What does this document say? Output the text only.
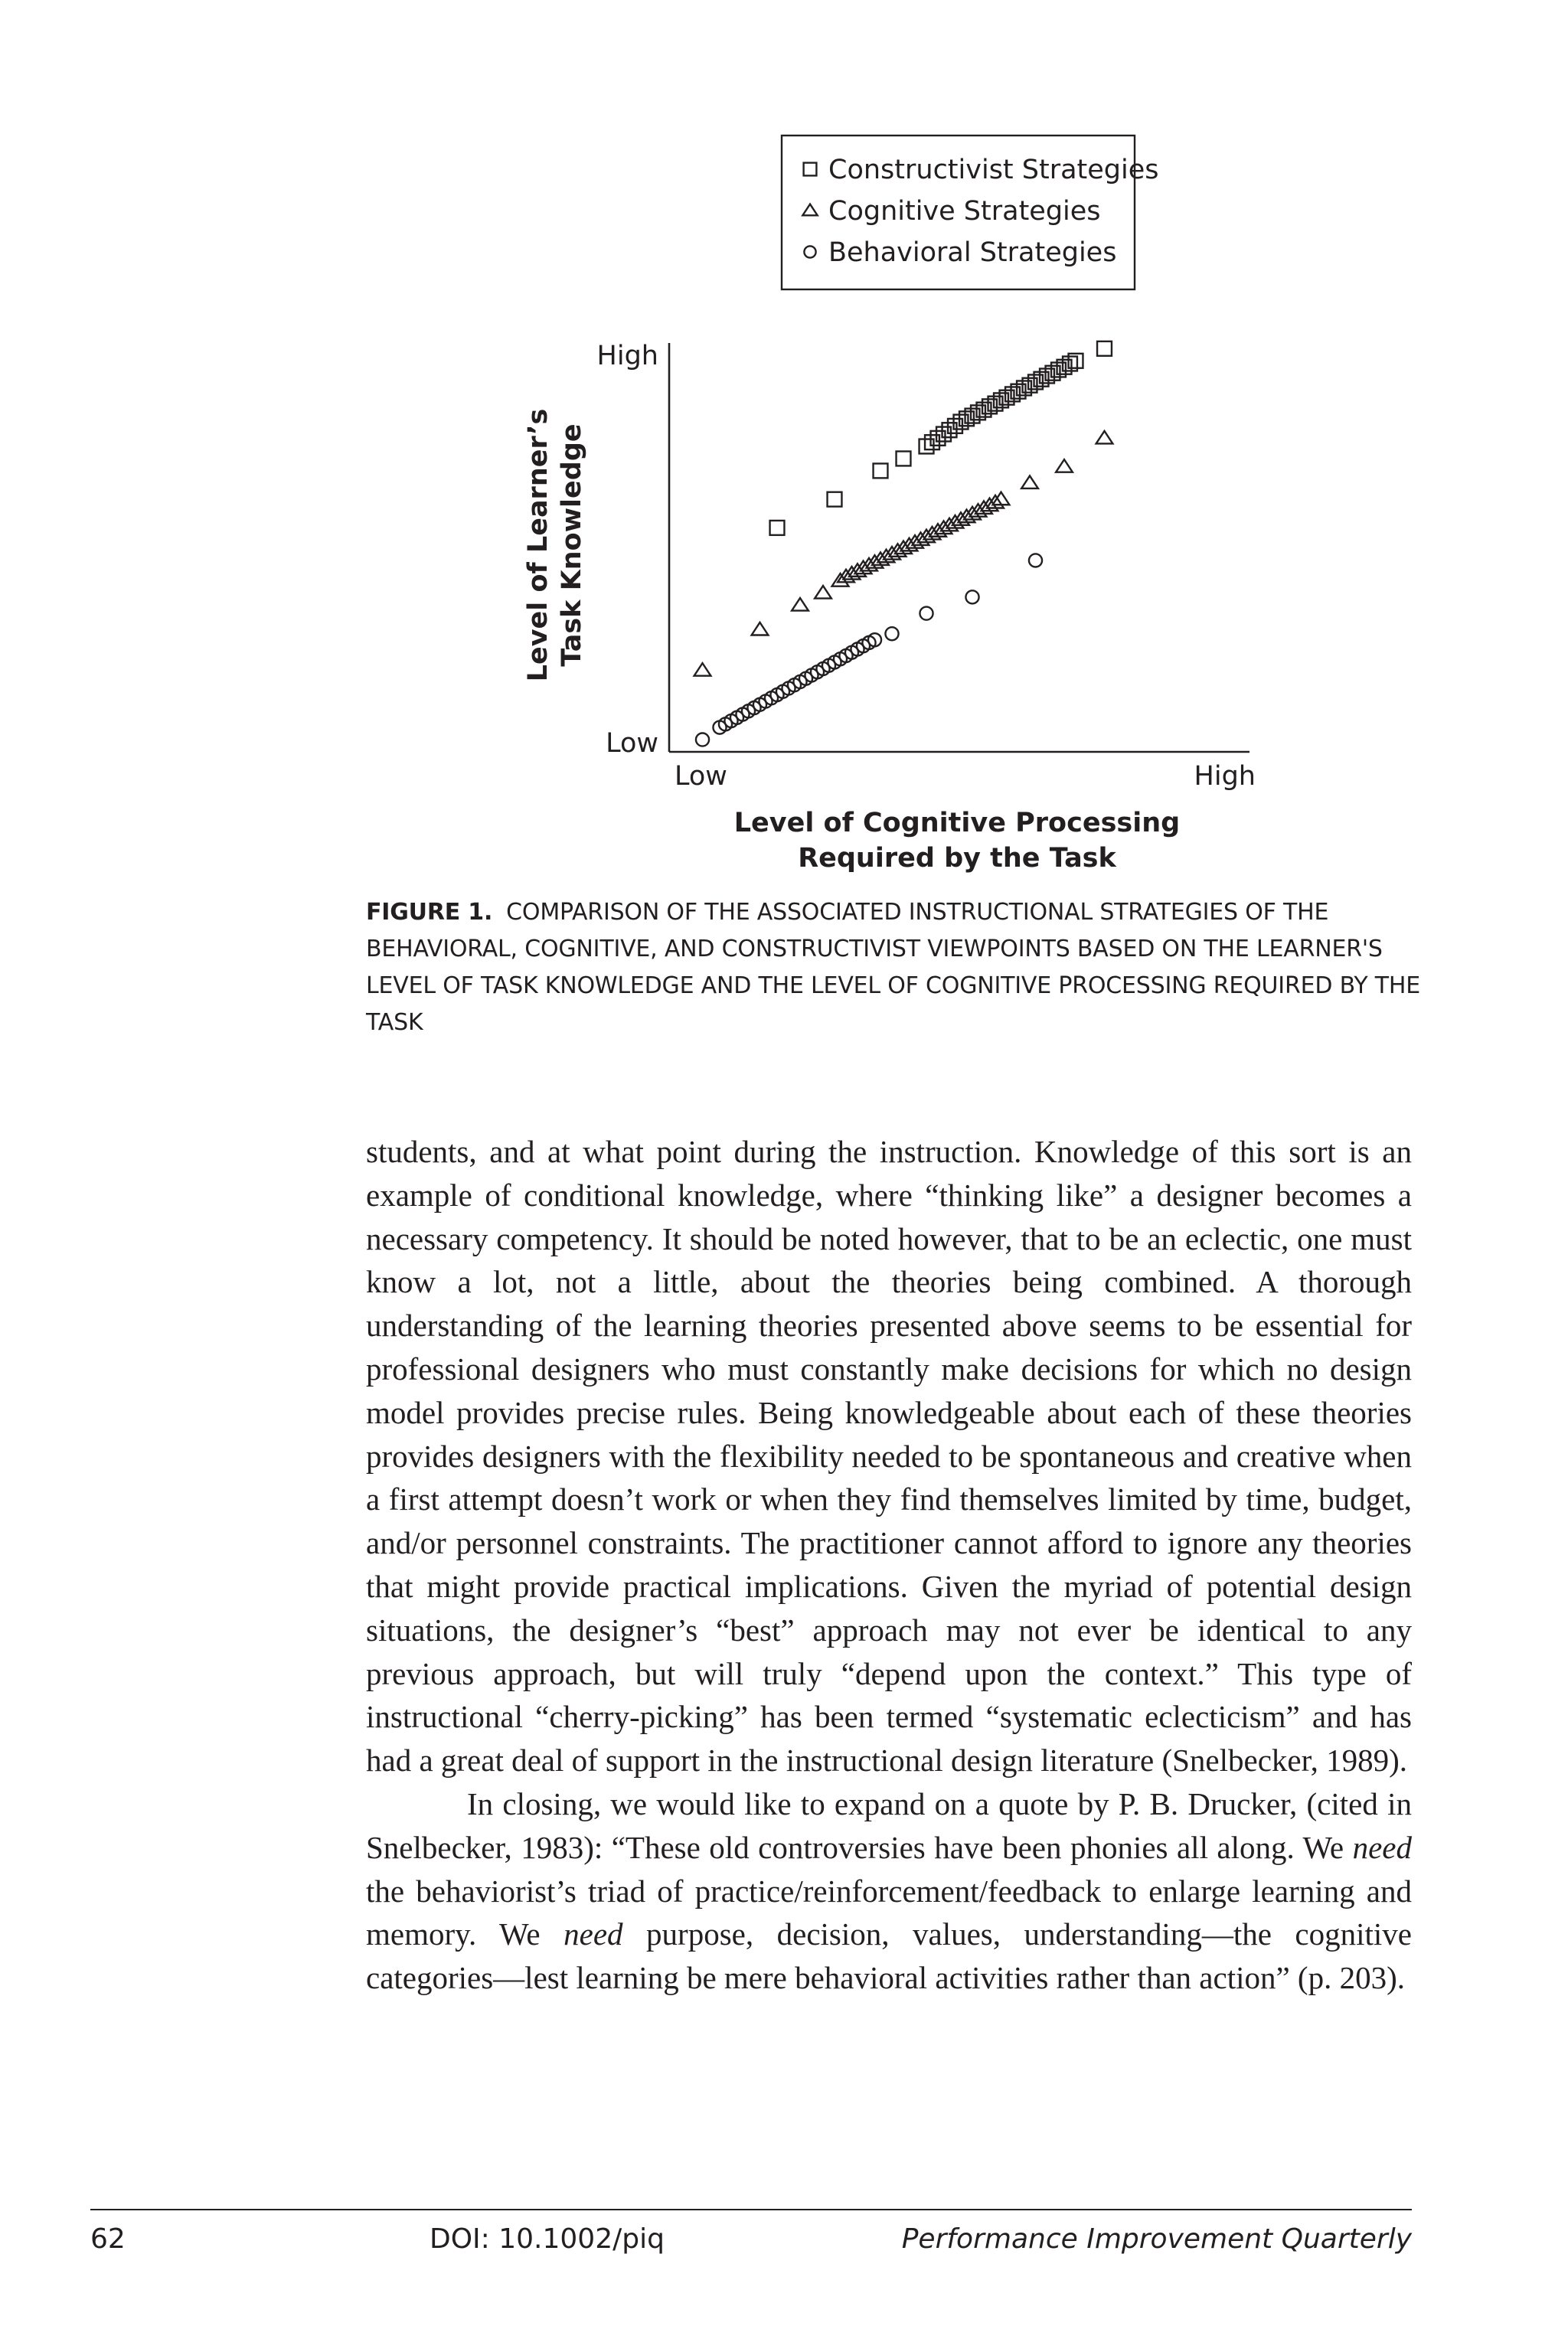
Constructivist Strategies
Cognitive Strategies
Behavioral Strategies
High
Low
Low	High
Level of Cognitive Processing
Required by the Task
Level of Learner’s Task Knowledge
FIGURE 1. COMPARISON OF THE ASSOCIATED INSTRUCTIONAL STRATEGIES OF THE BEHAVIORAL, COGNITIVE, AND CONSTRUCTIVIST VIEWPOINTS BASED ON THE LEARNER'S LEVEL OF TASK KNOWLEDGE AND THE LEVEL OF COGNITIVE PROCESSING REQUIRED BY THE TASK

students, and at what point during the instruction. Knowledge of this sort is an example of conditional knowledge, where “thinking like” a designer becomes a necessary competency. It should be noted however, that to be an eclectic, one must know a lot, not a little, about the theories being combined. A thorough understanding of the learning theories presented above seems to be essential for professional designers who must constantly make decisions for which no design model provides precise rules. Being knowledgeable about each of these theories provides designers with the flexibility needed to be spontaneous and creative when a first attempt doesn’t work or when they find themselves limited by time, budget, and/or personnel constraints. The practitioner cannot afford to ignore any theories that might provide practical implications. Given the myriad of potential design situations, the designer’s “best” approach may not ever be identical to any previous approach, but will truly “depend upon the context.” This type of instructional “cherry-picking” has been termed “systematic eclecticism” and has had a great deal of support in the instructional design literature (Snelbecker, 1989).

In closing, we would like to expand on a quote by P. B. Drucker, (cited in Snelbecker, 1983): “These old controversies have been phonies all along. We need the behaviorist’s triad of practice/reinforcement/feedback to enlarge learning and memory. We need purpose, decision, values, understanding—the cognitive categories—lest learning be mere behavioral activities rather than action” (p. 203).

62	DOI: 10.1002/piq	Performance Improvement Quarterly
